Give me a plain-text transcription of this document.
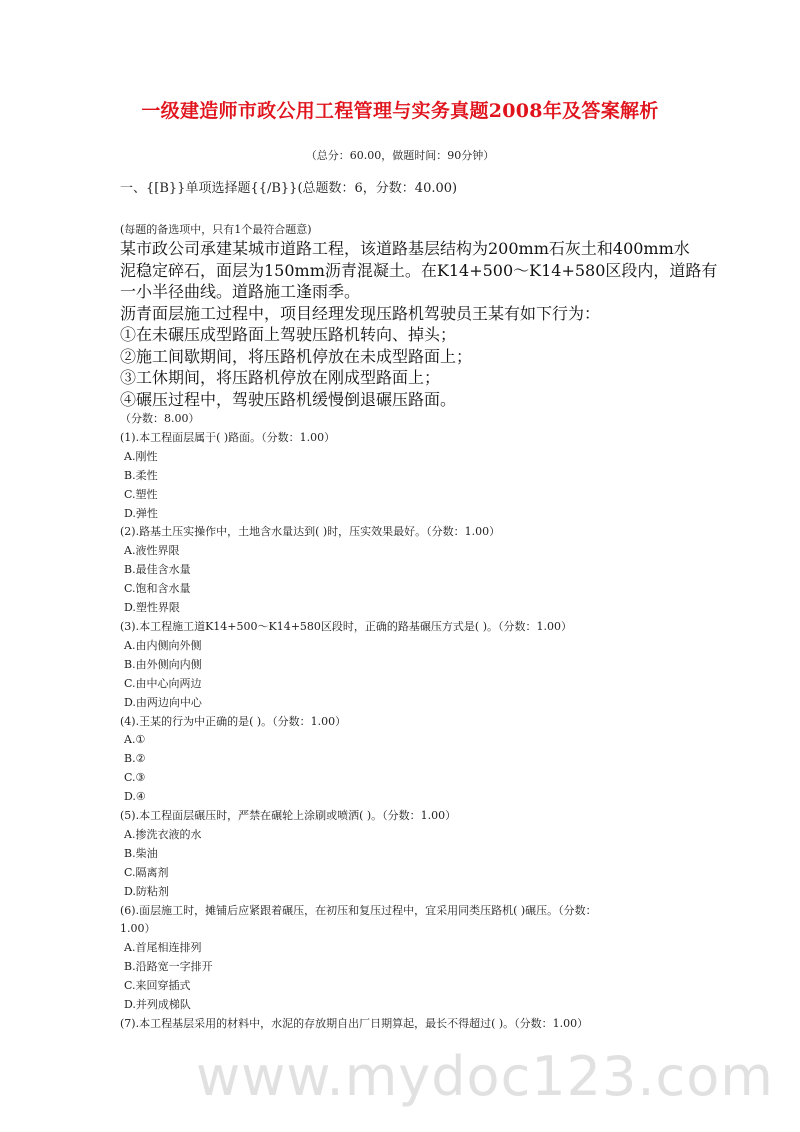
一级建造师市政公用工程管理与实务真题2008年及答案解析
（总分：60.00，做题时间：90分钟）
一、{[B}}单项选择题{{/B}}(总题数：6，分数：40.00)
(每题的备选项中，只有1个最符合题意)
某市政公司承建某城市道路工程，该道路基层结构为200mm石灰土和400mm水
泥稳定碎石，面层为150mm沥青混凝土。在K14+500～K14+580区段内，道路有
一小半径曲线。道路施工逢雨季。
沥青面层施工过程中，项目经理发现压路机驾驶员王某有如下行为：
①在未碾压成型路面上驾驶压路机转向、掉头；
②施工间歇期间，将压路机停放在未成型路面上；
③工休期间，将压路机停放在刚成型路面上；
④碾压过程中，驾驶压路机缓慢倒退碾压路面。
（分数：8.00）
(1).本工程面层属于( )路面。（分数：1.00）
A.刚性
B.柔性
C.塑性
D.弹性
(2).路基土压实操作中，土地含水量达到( )时，压实效果最好。（分数：1.00）
A.液性界限
B.最佳含水量
C.饱和含水量
D.塑性界限
(3).本工程施工道K14+500～K14+580区段时，正确的路基碾压方式是( )。（分数：1.00）
A.由内侧向外侧
B.由外侧向内侧
C.由中心向两边
D.由两边向中心
(4).王某的行为中正确的是( )。（分数：1.00）
A.①
B.②
C.③
D.④
(5).本工程面层碾压时，严禁在碾轮上涂刷或喷洒( )。（分数：1.00）
A.掺洗衣液的水
B.柴油
C.隔离剂
D.防粘剂
(6).面层施工时，摊铺后应紧跟着碾压，在初压和复压过程中，宜采用同类压路机( )碾压。（分数：
1.00）
A.首尾相连排列
B.沿路宽一字排开
C.来回穿插式
D.并列成梯队
(7).本工程基层采用的材料中，水泥的存放期自出厂日期算起，最长不得超过( )。（分数：1.00）
www.mydoc123.com
